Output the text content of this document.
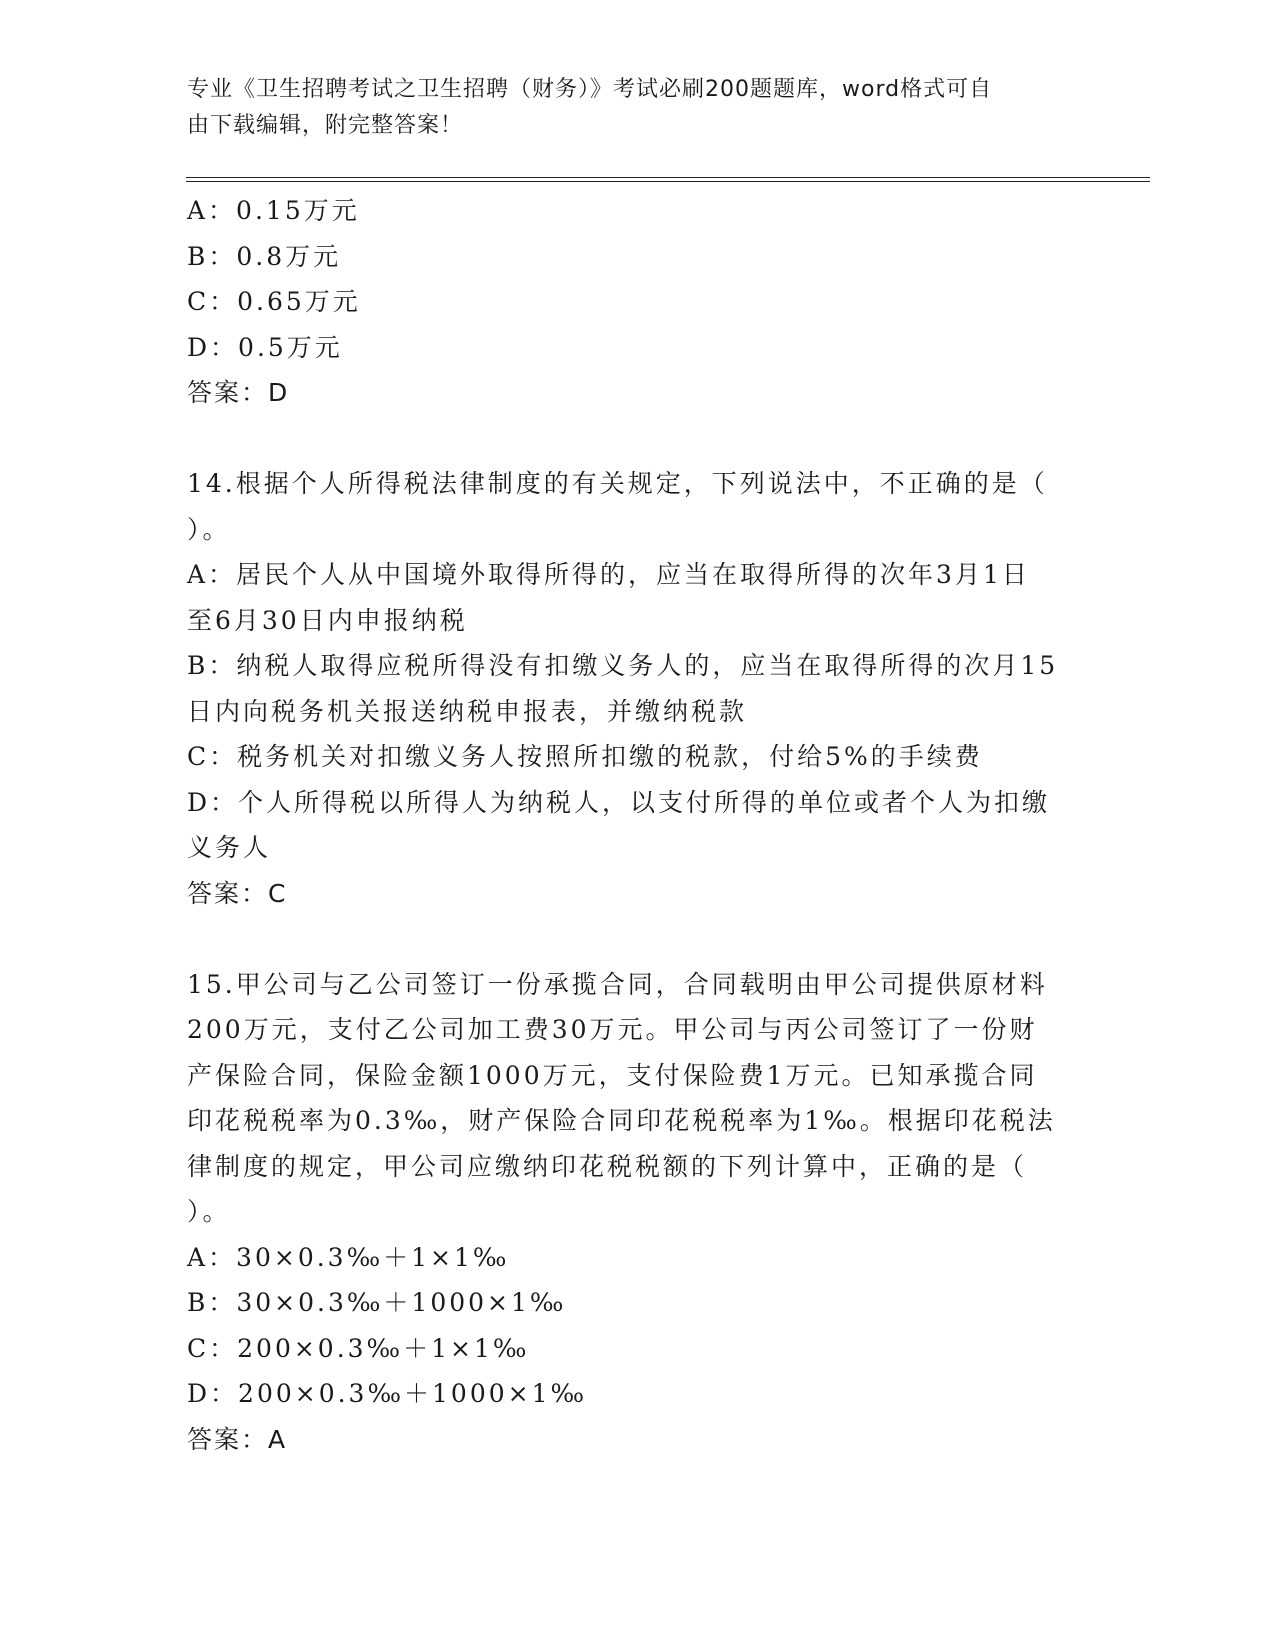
专业《卫生招聘考试之卫生招聘（财务）》考试必刷200题题库，word格式可自
由下载编辑，附完整答案！
A：0.15万元
B：0.8万元
C：0.65万元
D：0.5万元
答案：D
14.根据个人所得税法律制度的有关规定，下列说法中，不正确的是（
）。
A：居民个人从中国境外取得所得的，应当在取得所得的次年3月1日
至6月30日内申报纳税
B：纳税人取得应税所得没有扣缴义务人的，应当在取得所得的次月15
日内向税务机关报送纳税申报表，并缴纳税款
C：税务机关对扣缴义务人按照所扣缴的税款，付给5%的手续费
D：个人所得税以所得人为纳税人，以支付所得的单位或者个人为扣缴
义务人
答案：C
15.甲公司与乙公司签订一份承揽合同，合同载明由甲公司提供原材料
200万元，支付乙公司加工费30万元。甲公司与丙公司签订了一份财
产保险合同，保险金额1000万元，支付保险费1万元。已知承揽合同
印花税税率为0.3‰，财产保险合同印花税税率为1‰。根据印花税法
律制度的规定，甲公司应缴纳印花税税额的下列计算中，正确的是（
）。
A：30×0.3‰＋1×1‰
B：30×0.3‰＋1000×1‰
C：200×0.3‰＋1×1‰
D：200×0.3‰＋1000×1‰
答案：A
